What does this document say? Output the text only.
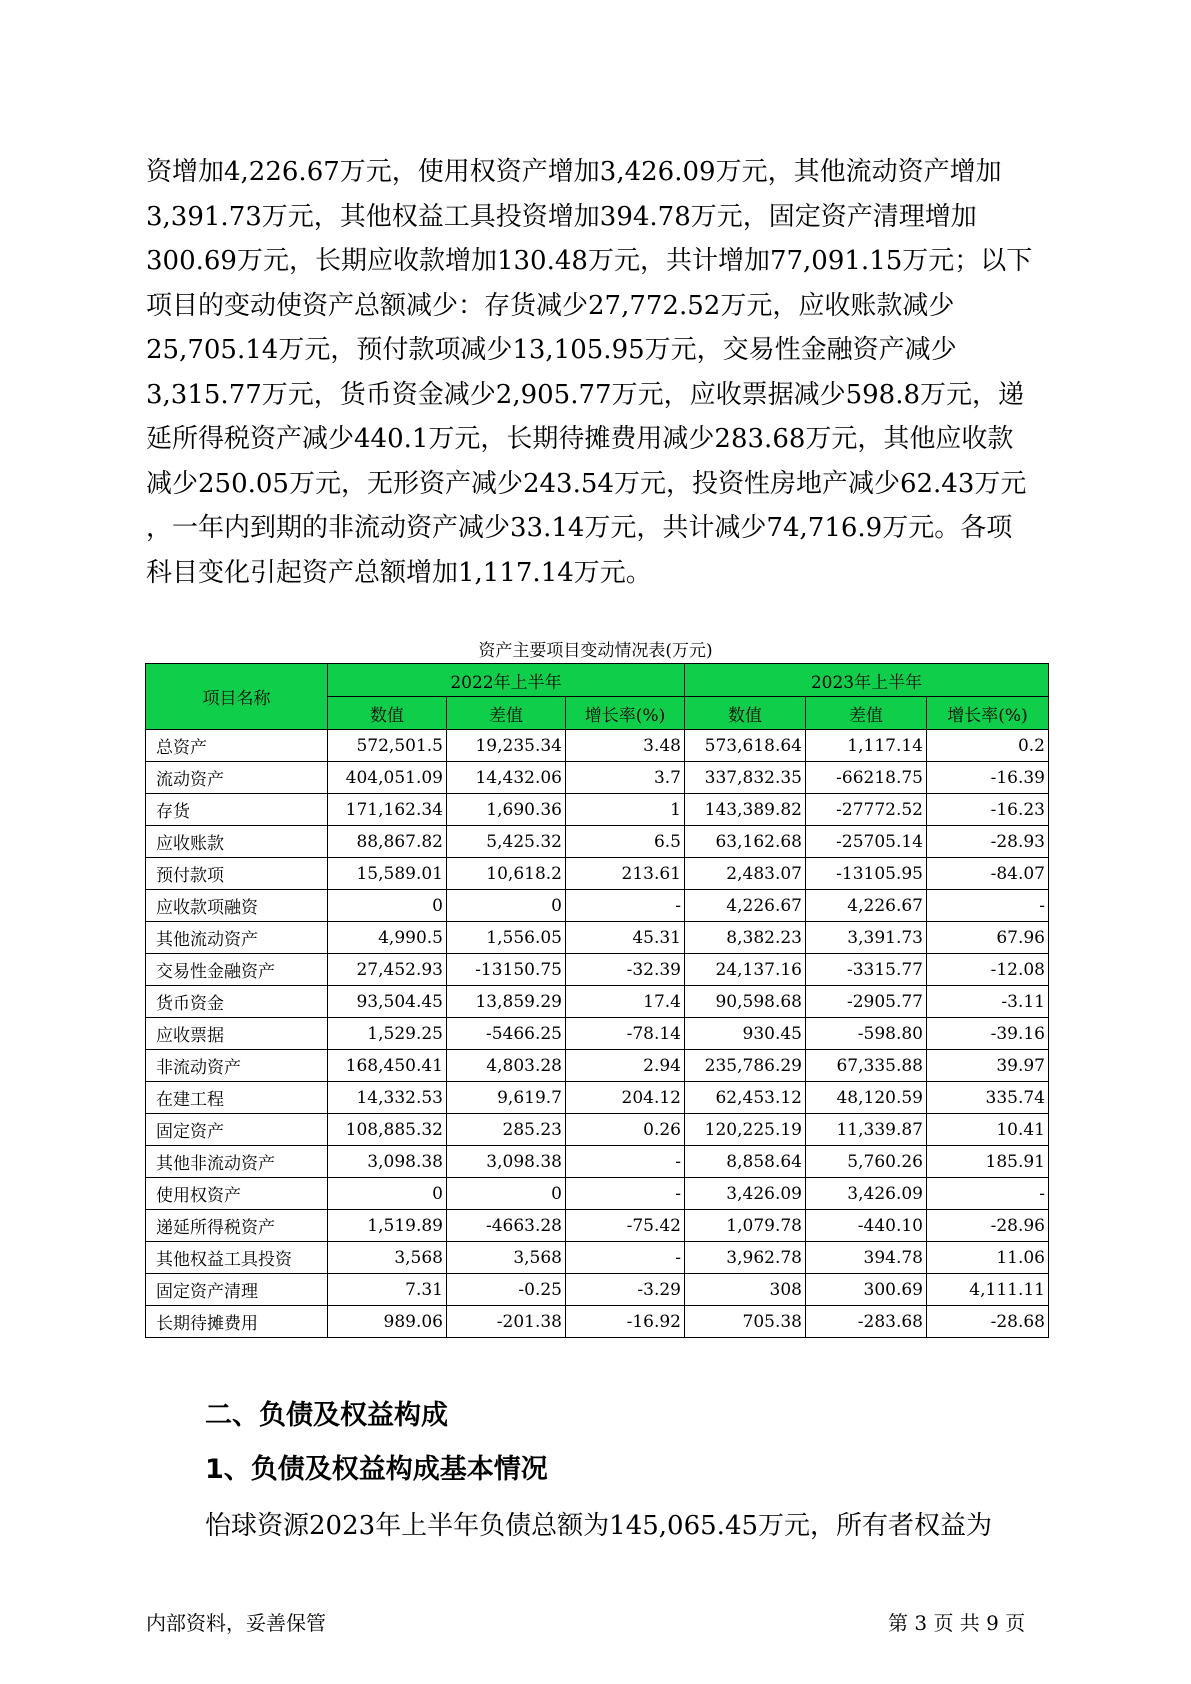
资增加4,226.67万元，使用权资产增加3,426.09万元，其他流动资产增加
3,391.73万元，其他权益工具投资增加394.78万元，固定资产清理增加
300.69万元，长期应收款增加130.48万元，共计增加77,091.15万元；以下
项目的变动使资产总额减少：存货减少27,772.52万元，应收账款减少
25,705.14万元，预付款项减少13,105.95万元，交易性金融资产减少
3,315.77万元，货币资金减少2,905.77万元，应收票据减少598.8万元，递
延所得税资产减少440.1万元，长期待摊费用减少283.68万元，其他应收款
减少250.05万元，无形资产减少243.54万元，投资性房地产减少62.43万元
，一年内到期的非流动资产减少33.14万元，共计减少74,716.9万元。各项
科目变化引起资产总额增加1,117.14万元。
资产主要项目变动情况表(万元)
项目名称	2022年上半年			2023年上半年		
	数值	差值	增长率(%)	数值	差值	增长率(%)
总资产	572,501.5	19,235.34	3.48	573,618.64	1,117.14	0.2
流动资产	404,051.09	14,432.06	3.7	337,832.35	-66218.75	-16.39
存货	171,162.34	1,690.36	1	143,389.82	-27772.52	-16.23
应收账款	88,867.82	5,425.32	6.5	63,162.68	-25705.14	-28.93
预付款项	15,589.01	10,618.2	213.61	2,483.07	-13105.95	-84.07
应收款项融资	0	0	-	4,226.67	4,226.67	-
其他流动资产	4,990.5	1,556.05	45.31	8,382.23	3,391.73	67.96
交易性金融资产	27,452.93	-13150.75	-32.39	24,137.16	-3315.77	-12.08
货币资金	93,504.45	13,859.29	17.4	90,598.68	-2905.77	-3.11
应收票据	1,529.25	-5466.25	-78.14	930.45	-598.80	-39.16
非流动资产	168,450.41	4,803.28	2.94	235,786.29	67,335.88	39.97
在建工程	14,332.53	9,619.7	204.12	62,453.12	48,120.59	335.74
固定资产	108,885.32	285.23	0.26	120,225.19	11,339.87	10.41
其他非流动资产	3,098.38	3,098.38	-	8,858.64	5,760.26	185.91
使用权资产	0	0	-	3,426.09	3,426.09	-
递延所得税资产	1,519.89	-4663.28	-75.42	1,079.78	-440.10	-28.96
其他权益工具投资	3,568	3,568	-	3,962.78	394.78	11.06
固定资产清理	7.31	-0.25	-3.29	308	300.69	4,111.11
长期待摊费用	989.06	-201.38	-16.92	705.38	-283.68	-28.68
二、负债及权益构成
1、负债及权益构成基本情况
怡球资源2023年上半年负债总额为145,065.45万元，所有者权益为
内部资料，妥善保管	第 3 页 共 9 页
